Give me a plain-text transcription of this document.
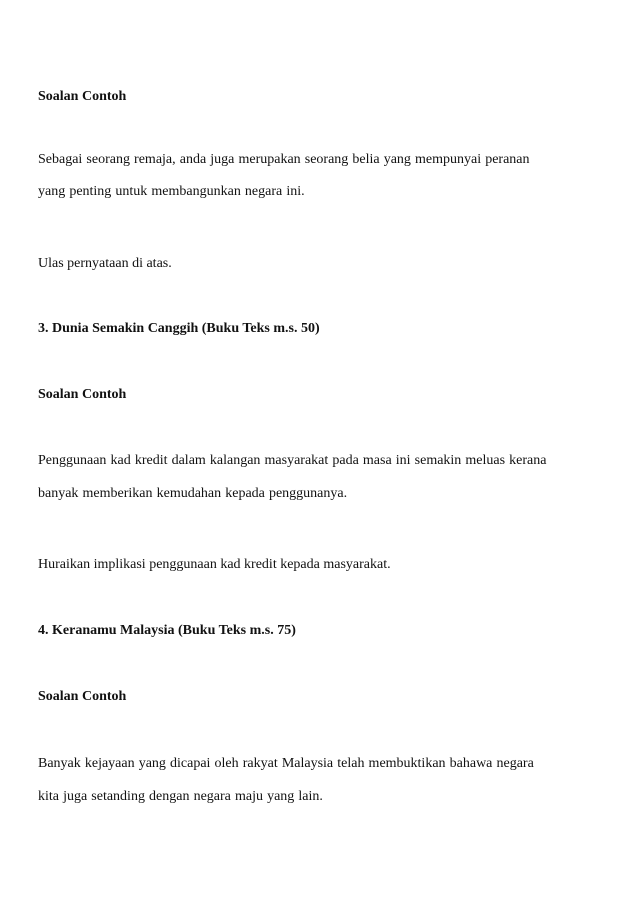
Soalan Contoh
Sebagai seorang remaja, anda juga merupakan seorang belia yang mempunyai peranan
yang penting untuk membangunkan negara ini.
Ulas pernyataan di atas.
3. Dunia Semakin Canggih (Buku Teks m.s. 50)
Soalan Contoh
Penggunaan kad kredit dalam kalangan masyarakat pada masa ini semakin meluas kerana
banyak memberikan kemudahan kepada penggunanya.
Huraikan implikasi penggunaan kad kredit kepada masyarakat.
4. Keranamu Malaysia (Buku Teks m.s. 75)
Soalan Contoh
Banyak kejayaan yang dicapai oleh rakyat Malaysia telah membuktikan bahawa negara
kita juga setanding dengan negara maju yang lain.
